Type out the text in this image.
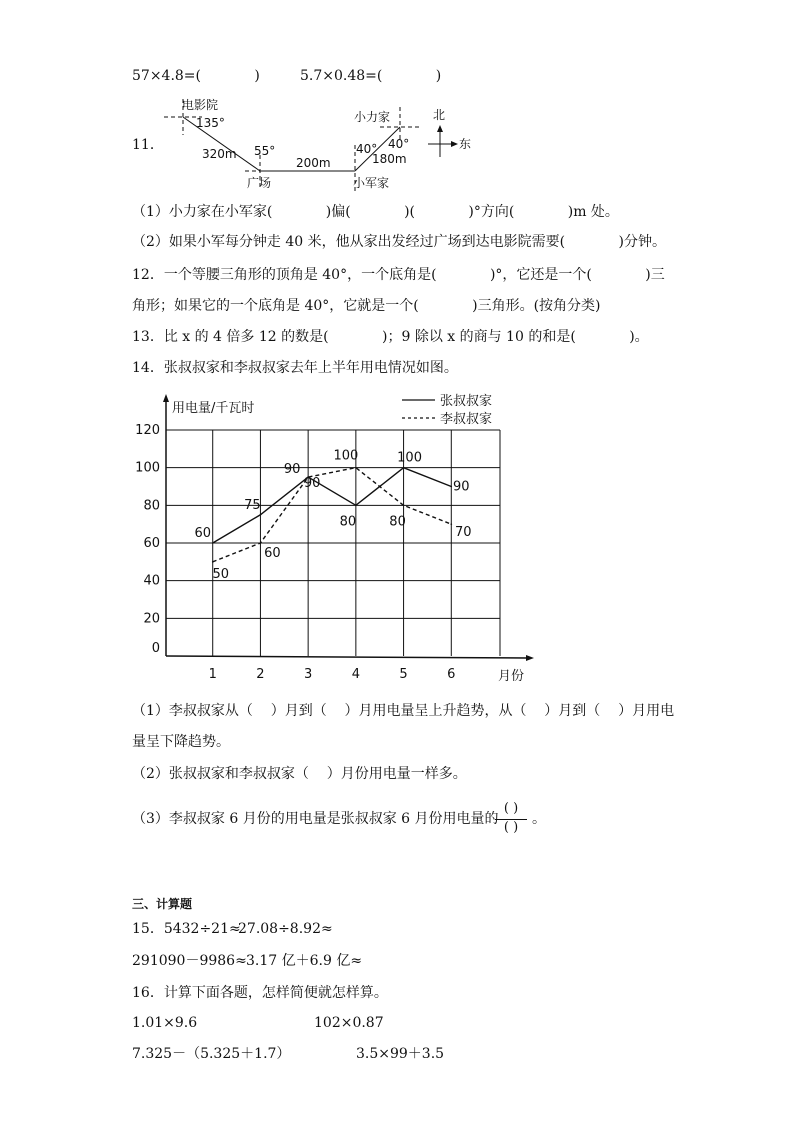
57×4.8=(            )	5.7×0.48=(            )
11．
电影院
135°
320m 55°
广场
200m
小力家
40° 40°
180m
小军家
北
东
（1）小力家在小军家(            )偏(            )(            )°方向(            )m 处。
（2）如果小军每分钟走 40 米，他从家出发经过广场到达电影院需要(            )分钟。
12．一个等腰三角形的顶角是 40°，一个底角是(            )°，它还是一个(            )三
角形；如果它的一个底角是 40°，它就是一个(            )三角形。(按角分类)
13．比 x 的 4 倍多 12 的数是(            )；9 除以 x 的商与 10 的和是(            )。
14．张叔叔家和李叔叔家去年上半年用电情况如图。
0
20
40
60
80
100
120
1	2	3	4	5	6
60
75
90
80
100
90
50
60
90
100
80
70
张叔叔家
李叔叔家
用电量/千瓦时
月份
（1）李叔叔家从（    ）月到（    ）月用电量呈上升趋势，从（    ）月到（    ）月用电
量呈下降趋势。
（2）张叔叔家和李叔叔家（    ）月份用电量一样多。
（3）李叔叔家 6 月份的用电量是张叔叔家 6 月份用电量的
( )
( )
。
三、计算题
15．5432÷21≈
27.08÷8.92≈
291090－9986≈ 3.17 亿＋6.9 亿≈
16．计算下面各题，怎样简便就怎样算。
1.01×9.6	102×0.87
7.325－（5.325＋1.7）	3.5×99＋3.5
